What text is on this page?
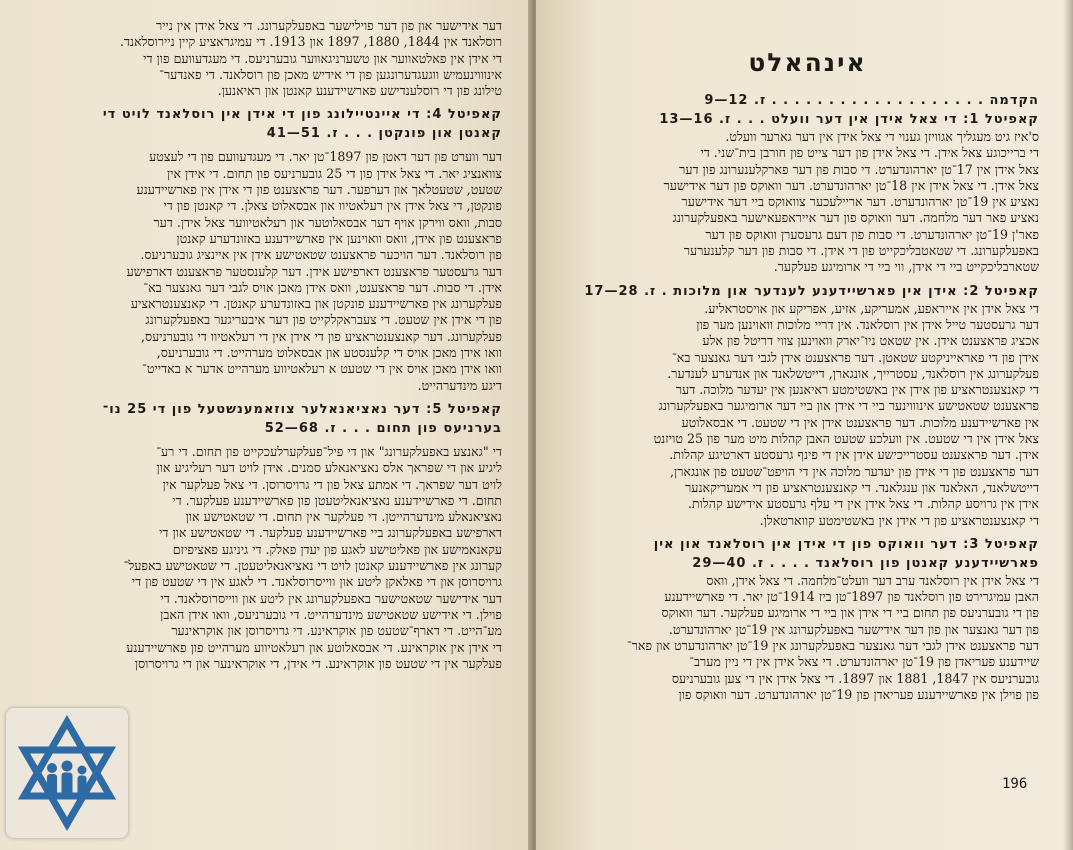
דער אידישער און פון דער פוילישער באפעלקערונג. די צאל אידן אין נייר

רוסלאנד אין 1844, 1880, 1897 און 1913. די עמיגראציע קיין ניירוסלאנד.

די אידן אין פאלטאווער און טשערניגאווער גובערניעס. די מעגדעוועם פון די

אינוווינעמיש ווגעגדערונגען פון די אידיש מאכן פון רוסלאנד. די פאנדער־

טילונג פון די רוסלענדישע פארשיידענע קאנטן און ראיאנען.

קאפיטל 4: די איינטיילונג פון די אידן אין רוסלאנד לויט די

קאנטן און פונקטן . . . ז. 51—41

דער ווערט פון דער דאטן פון 1897־טן יאר. די מעגדעוועם פון די לעצטע

צוואנציג יאר. די צאל אידן פון די 25 גובערניעס פון תחום. די אידן אין

שטעט, שטעטלאך און דערפער. דער פראצענט פון די אידן אין פארשיידענע

פונקטן, די צאל אידן אין רעלאטיוו און אבסאלוט צאלן. די קאנטן פון די

סבות, וואס ווירקן אויף דער אבסאלוטער און רעלאטיווער צאל אידן. דער

פראצענט פון אידן, וואס וואוינען אין פארשיידענע באזונדערע קאנטן

פון רוסלאנד. דער הויכער פראצענט שטאטישע אידן אין איינציג גובערניעס.

דער גרעסטער פראצענט דארפישע אידן. דער קלענסטער פראצענט דארפישע

אידן. די סבות. דער פראצענט, וואס אידן מאכן אויס לגבי דער גאנצער בא־

פעלקערונג אין פארשיידענע פונקטן און באזונדערע קאנטן. די קאנצענטראציע

פון די אידן אין שטעט. די צעבראקלקייט פון דער איבעריגער באפעלקערונג

פעלקערונג. דער קאנצענטראציע פון די אידן אין די רעלאטיוו די גובערניעס,

וואו אידן מאכן אויס די קלענסטע און אבסאלוט מערהייט. די גובערניעס,

וואו אידן מאכן אויס אין די שטעט א רעלאטיווע מערהייט אדער א באדייט־

דיגע מינדערהייט.

קאפיטל 5: דער נאציאנאלער צוזאמענשטעל פון די 25 נו־

בערניעס פון תחום . . . ז. 68—52

די "גאנצע באפעלקערונג" און די פיל־פעלקערלעכקייט פון תחום. די רע־

ליגיע און די שפראך אלס נאציאנאלע סמנים. אידן לויט דער רעליגיע און

לויט דער שפראך. די אמתע צאל פון די גרויסרוסן. די צאל פעלקער אין

תחום. די פארשיידענע נאציאנאליטעטן פון פארשיידענע פעלקער. די

נאציאנאלע מינדערהייטן. די פעלקער אין תחום. די שטאטישע און

דארפישע באפעלקערונג ביי פארשיידענע פעלקער. די שטאטישע און די

עקאנאמישע און פאליטישע לאגע פון יעדן פאלק. די גיניגע פאציפיזם

קערונג אין פארשיידענע קאנטן לויט די נאציאנאליטעטן. די שטאטישע באפעל־

גרויסרוסן און די פאלאקן ליטע און ווייסרוסלאנד. די לאגע אין די שטעט פון די

דער אידישער שטאטישער באפעלקערונג אין ליטע און ווייסרוסלאנד. די

פוילן. די אידישע שטאטישע מינדערהייט. די גובערניעס, וואו אידן האבן

מע־הייט. די דארף־שטעט פון אוקראינע. די גרויסרוסן און אוקראינער

די אידן אין אוקראינע. די אבסאלוטע און רעלאטיווע מערהייט פון פארשיידענע

פעלקער אין די שטעט פון אוקראינע. די אידן, די אוקראינער און די גרויסרוסן

אינהאלט

הקדמה . . . . . . . . . . . . . . . . . . . ז. 12—9

קאפיטל 1: די צאל אידן אין דער וועלט . . . ז. 16—13

ס'איז גיט מעגליך אגוויזן גענוי די צאל אידן אין דער גארער וועלט.

די ברייכוגע צאל אידן. די צאל אידן פון דער צייט פון חורבן בית־שני. די

צאל אידן אין 17־טן יארהונדערט. די סבות פון דער פארקלענערונג פון דער

צאל אידן. די צאל אידן אין 18־טן יארהונדערט. דער וואוקס פון דער אידישער

נאציע אין 19־טן יארהונדערט. דער אריילעכער צוואוקס ביי דער אידישער

נאציע פאר דער מלחמה. דער וואוקס פון דער אייראפעאישער באפעלקערונג

פאר'ן 19־טן יארהונדערט. די סבות פון דעם גרעסערן וואוקס פון דער

באפעלקערונג. די שטאטבליכקייט פון די אידן. די סבות פון דער קלענערער

שטארבליכקייט ביי די אידן, ווי ביי די ארומיגע פעלקער.

קאפיטל 2: אידן אין פארשיידענע לענדער און מלוכות . ז. 28—17

די צאל אידן אין אייראפע, אמעריקע, אזיע, אפריקע און אויסטראליע.

דער גרעסטער טייל אידן אין רוסלאנד. אין דריי מלוכות וואוינען מער פון

אכציג פראצענט אידן. אין שטאט ניו־יארק וואוינען צווי דריטל פון אלע

אידן פון די פאראייניקטע שטאטן. דער פראצענט אידן לגבי דער גאנצער בא־

פעלקערונג אין רוסלאנד, עסטרייך, אונגארן, דייטשלאנד און אנדערע לענדער.

די קאנצענטראציע פון אידן אין באשטימטע ראיאנען אין יעדער מלוכה. דער

פראצענט שטאטישע אינוווינער ביי די אידן און ביי דער ארומיגער באפעלקערונג

אין פארשיידענע מלוכות. דער פראצענט אידן אין די שטעט. די אבסאלוטע

צאל אידן אין די שטעט. אין וועלכע שטעט האבן קהלות מיט מער פון 25 טויזנט

אידן. דער פראצענט עסטרייכישע אידן אין די פינף גרעסטע דארטיגע קהלות.

דער פראצענט פון די אידן פון יעדער מלוכה אין די הויפט־שטעט פון אונגארן,

דייטשלאנד, האלאנד און ענגלאנד. די קאנצענטראציע פון די אמעריקאנער

אידן אין גרויסע קהלות. די צאל אידן אין די עלף גרעסטע אידישע קהלות.

די קאנצענטראציע פון די אידן אין באשטימטע קווארטאלן.

קאפיטל 3: דער וואוקס פון די אידן אין רוסלאנד און אין

פארשיידענע קאנטן פון רוסלאנד . . . . ז. 40—29

די צאל אידן אין רוסלאנד ערב דער וועלט־מלחמה. די צאל אידן, וואס

האבן עמיגרירט פון רוסלאנד פון 1897־טן ביז 1914־טן יאר. די פארשיידענע

פון די גובערניעס פון תחום ביי די אידן און ביי די ארומיגע פעלקער. דער וואוקס

פון דער גאנצער און פון דער אידישער באפעלקערונג אין 19־טן יארהונדערט.

דער פראצענט אידן לגבי דער גאנצער באפעלקערונג אין 19־טן יארהונדערט און פאר־

שיידענע פעריאדן פון 19־טן יארהונדערט. די צאל אידן אין די ניין מערב־

גובערניעס אין 1847, 1881 און 1897. די צאל אידן אין די צען גובערניעס

פון פוילן אין פארשיידענע פעריאדן פון 19־טן יארהונדערט. דער וואוקס פון

196
